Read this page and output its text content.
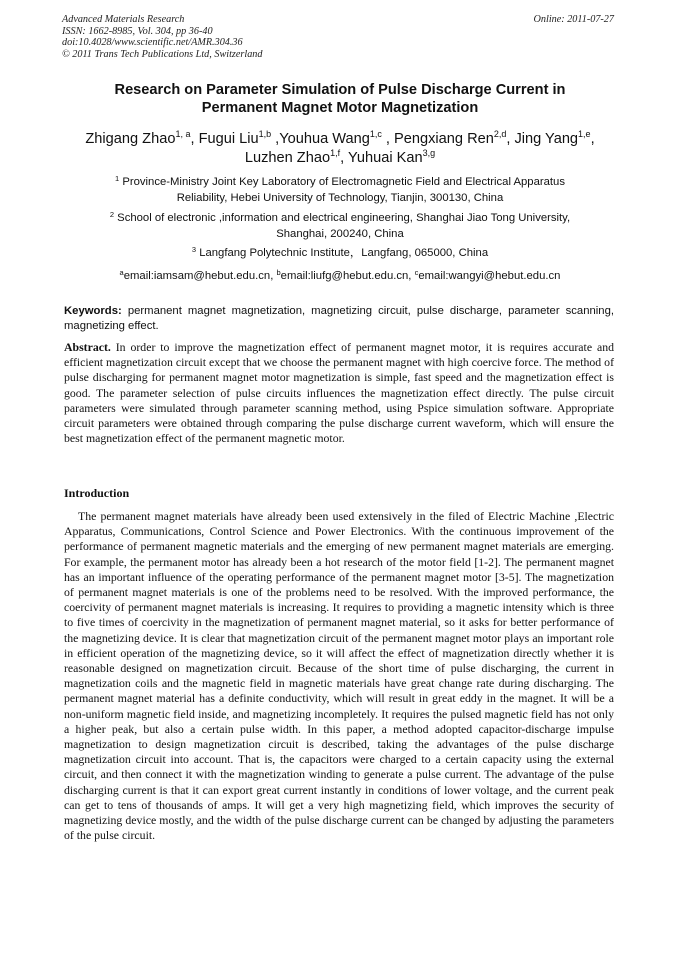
Advanced Materials Research
ISSN: 1662-8985, Vol. 304, pp 36-40
doi:10.4028/www.scientific.net/AMR.304.36
© 2011 Trans Tech Publications Ltd, Switzerland
Online: 2011-07-27
Research on Parameter Simulation of Pulse Discharge Current in
Permanent Magnet Motor Magnetization
Zhigang Zhao$^{1, a}$, Fugui Liu$^{1,b}$ ,Youhua Wang$^{1,c}$ , Pengxiang Ren$^{2,d}$, Jing Yang$^{1,e}$,
Luzhen Zhao$^{1,f}$, Yuhuai Kan$^{3,g}$
$^1$ Province-Ministry Joint Key Laboratory of Electromagnetic Field and Electrical Apparatus
Reliability, Hebei University of Technology, Tianjin, 300130, China
$^2$ School of electronic ,information and electrical engineering, Shanghai Jiao Tong University,
Shanghai, 200240, China
$^3$ Langfang Polytechnic Institute，Langfang, 065000, China
$^a$email:iamsam@hebut.edu.cn, $^b$email:liufg@hebut.edu.cn, $^c$email:wangyi@hebut.edu.cn
Keywords: permanent magnet magnetization, magnetizing circuit, pulse discharge, parameter scanning, magnetizing effect.
Abstract. In order to improve the magnetization effect of permanent magnet motor, it is requires accurate and efficient magnetization circuit except that we choose the permanent magnet with high coercive force. The method of pulse discharging for permanent magnet motor magnetization is simple, fast speed and the magnetization effect is good. The parameter selection of pulse circuits influences the magnetization effect directly. The pulse circuit parameters were simulated through parameter scanning method, using Pspice simulation software. Appropriate circuit parameters were obtained through comparing the pulse discharge current waveform, which will ensure the best magnetization effect of the permanent magnetic motor.
Introduction
The permanent magnet materials have already been used extensively in the filed of Electric Machine ,Electric Apparatus, Communications, Control Science and Power Electronics. With the continuous improvement of the performance of permanent magnetic materials and the emerging of new permanent magnet materials are emerging. For example, the permanent motor has already been a hot research of the motor field [1-2]. The permanent magnet has an important influence of the operating performance of the permanent magnet motor [3-5]. The magnetization of permanent magnet materials is one of the problems need to be resolved. With the improved performance, the coercivity of permanent magnet materials is increasing. It requires to providing a magnetic intensity which is three to five times of coercivity in the magnetization of permanent magnet material, so it asks for better performance of the magnetizing device. It is clear that magnetization circuit of the permanent magnet motor plays an important role in efficient operation of the magnetizing device, so it will affect the effect of magnetization directly whether it is reasonable designed on magnetization circuit. Because of the short time of pulse discharging, the current in magnetization coils and the magnetic field in magnetic materials have great change rate during discharging. The permanent magnet material has a definite conductivity, which will result in great eddy in the magnet. It will be a non-uniform magnetic field inside, and magnetizing incompletely. It requires the pulsed magnetic field has not only a higher peak, but also a certain pulse width. In this paper, a method adopted capacitor-discharge impulse magnetization to design magnetization circuit is described, taking the advantages of the pulse discharge magnetization circuit into account. That is, the capacitors were charged to a certain capacity using the external circuit, and then connect it with the magnetization winding to generate a pulse current. The advantage of the pulse discharging current is that it can export great current instantly in conditions of lower voltage, and the current peak can get to tens of thousands of amps. It will get a very high magnetizing field, which improves the security of magnetizing device mostly, and the width of the pulse discharge current can be changed by adjusting the parameters of the pulse circuit.
